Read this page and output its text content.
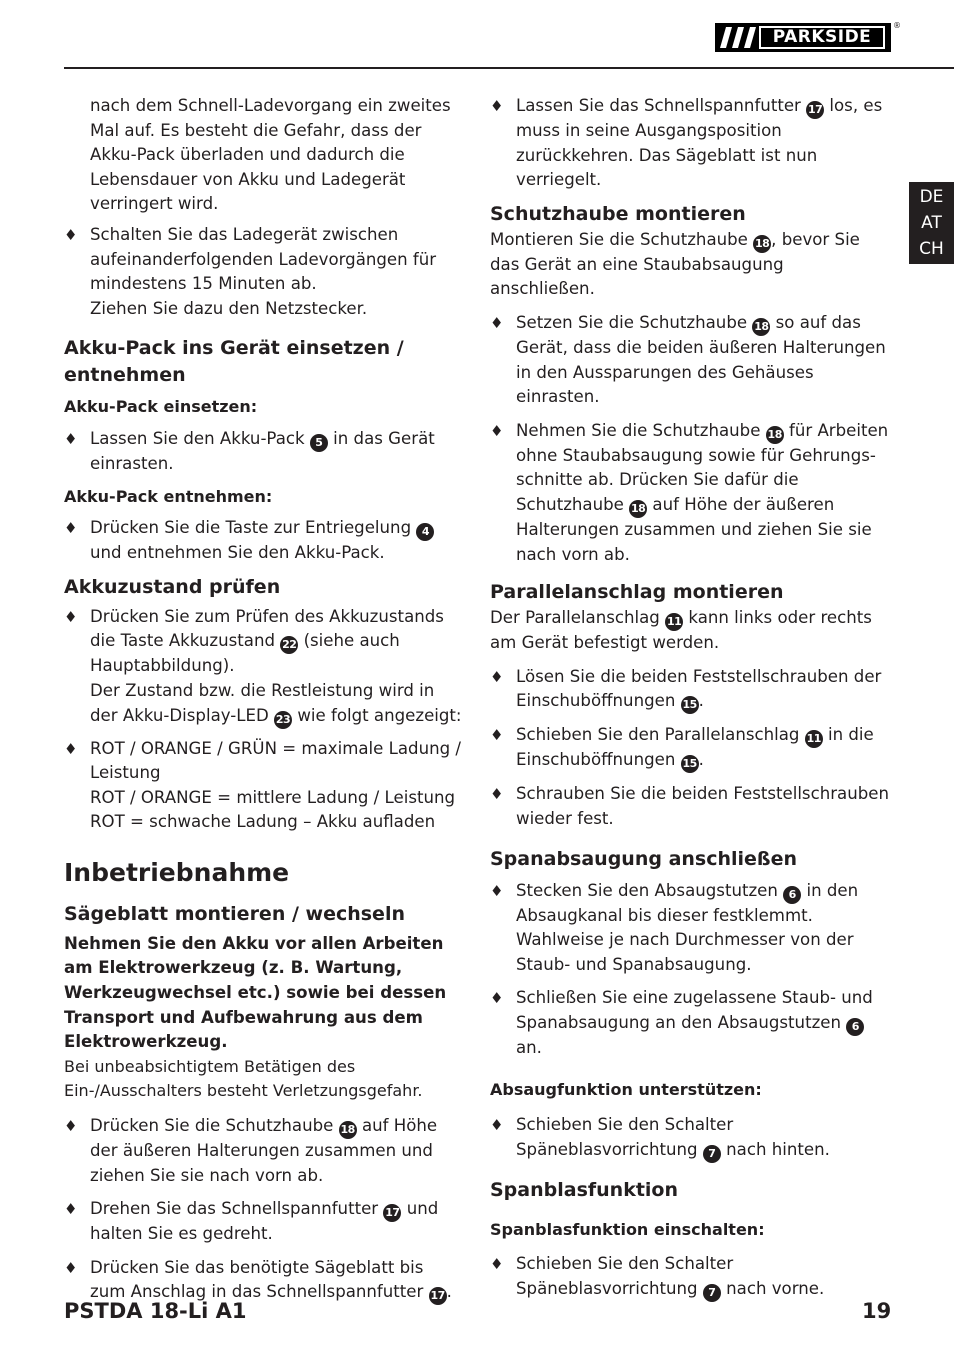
PARKSIDE
®
DE
AT
CH

nach dem Schnell-Ladevorgang ein zweites Mal auf. Es besteht die Gefahr, dass der Akku-Pack überladen und dadurch die Lebensdauer von Akku und Ladegerät verringert wird.

♦ Schalten Sie das Ladegerät zwischen aufeinanderfolgenden Ladevorgängen für mindestens 15 Minuten ab.

Ziehen Sie dazu den Netzstecker.

Akku-Pack ins Gerät einsetzen / entnehmen

Akku-Pack einsetzen:

♦ Lassen Sie den Akku-Pack 5 in das Gerät einrasten.

Akku-Pack entnehmen:

♦ Drücken Sie die Taste zur Entriegelung 4 und entnehmen Sie den Akku-Pack.

Akkuzustand prüfen
♦ Drücken Sie zum Prüfen des Akkuzustands die Taste Akkuzustand 22 (siehe auch Hauptabbildung).

Der Zustand bzw. die Restleistung wird in der Akku-Display-LED 23 wie folgt angezeigt:

♦ ROT / ORANGE / GRÜN = maximale Ladung / Leistung

ROT / ORANGE = mittlere Ladung / Leistung

ROT = schwache Ladung – Akku aufladen

Inbetriebnahme
Sägeblatt montieren / wechseln

Nehmen Sie den Akku vor allen Arbeiten am Elektrowerkzeug (z. B. Wartung, Werkzeugwechsel etc.) sowie bei dessen Transport und Aufbewahrung aus dem Elektrowerkzeug.

Bei unbeabsichtigtem Betätigen des Ein-/Ausschalters besteht Verletzungsgefahr.

♦ Drücken Sie die Schutzhaube 18 auf Höhe der äußeren Halterungen zusammen und ziehen Sie sie nach vorn ab.

♦ Drehen Sie das Schnellspannfutter 17 und halten Sie es gedreht.

♦ Drücken Sie das benötigte Sägeblatt bis zum Anschlag in das Schnellspannfutter 17 .

♦ Lassen Sie das Schnellspannfutter 17 los, es muss in seine Ausgangsposition zurückkehren. Das Sägeblatt ist nun verriegelt.

Schutzhaube montieren

Montieren Sie die Schutzhaube 18 , bevor Sie das Gerät an eine Staubabsaugung anschließen.

♦ Setzen Sie die Schutzhaube 18 so auf das Gerät, dass die beiden äußeren Halterungen in den Aussparungen des Gehäuses einrasten.

♦ Nehmen Sie die Schutzhaube 18 für Arbeiten ohne Staubabsaugung sowie für Gehrungsschnitte ab. Drücken Sie dafür die Schutzhaube 18 auf Höhe der äußeren Halterungen zusammen und ziehen Sie sie nach vorn ab.

Parallelanschlag montieren

Der Parallelanschlag 11 kann links oder rechts am Gerät befestigt werden.

♦ Lösen Sie die beiden Feststellschrauben der Einschuböffnungen 15 .

♦ Schieben Sie den Parallelanschlag 11 in die Einschuböffnungen 15 .

♦ Schrauben Sie die beiden Feststellschrauben wieder fest.

Spanabsaugung anschließen
♦ Stecken Sie den Absaugstutzen 6 in den Absaugkanal bis dieser festklemmt.

Wahlweise je nach Durchmesser von der Staub- und Spanabsaugung.

♦ Schließen Sie eine zugelassene Staub- und Spanabsaugung an den Absaugstutzen 6 an.

Absaugfunktion unterstützen:

♦ Schieben Sie den Schalter Späneblasvorrichtung 7 nach hinten.

Spanblasfunktion

Spanblasfunktion einschalten:

♦ Schieben Sie den Schalter Späneblasvorrichtung 7 nach vorne.

PSTDA 18-Li A1	19
